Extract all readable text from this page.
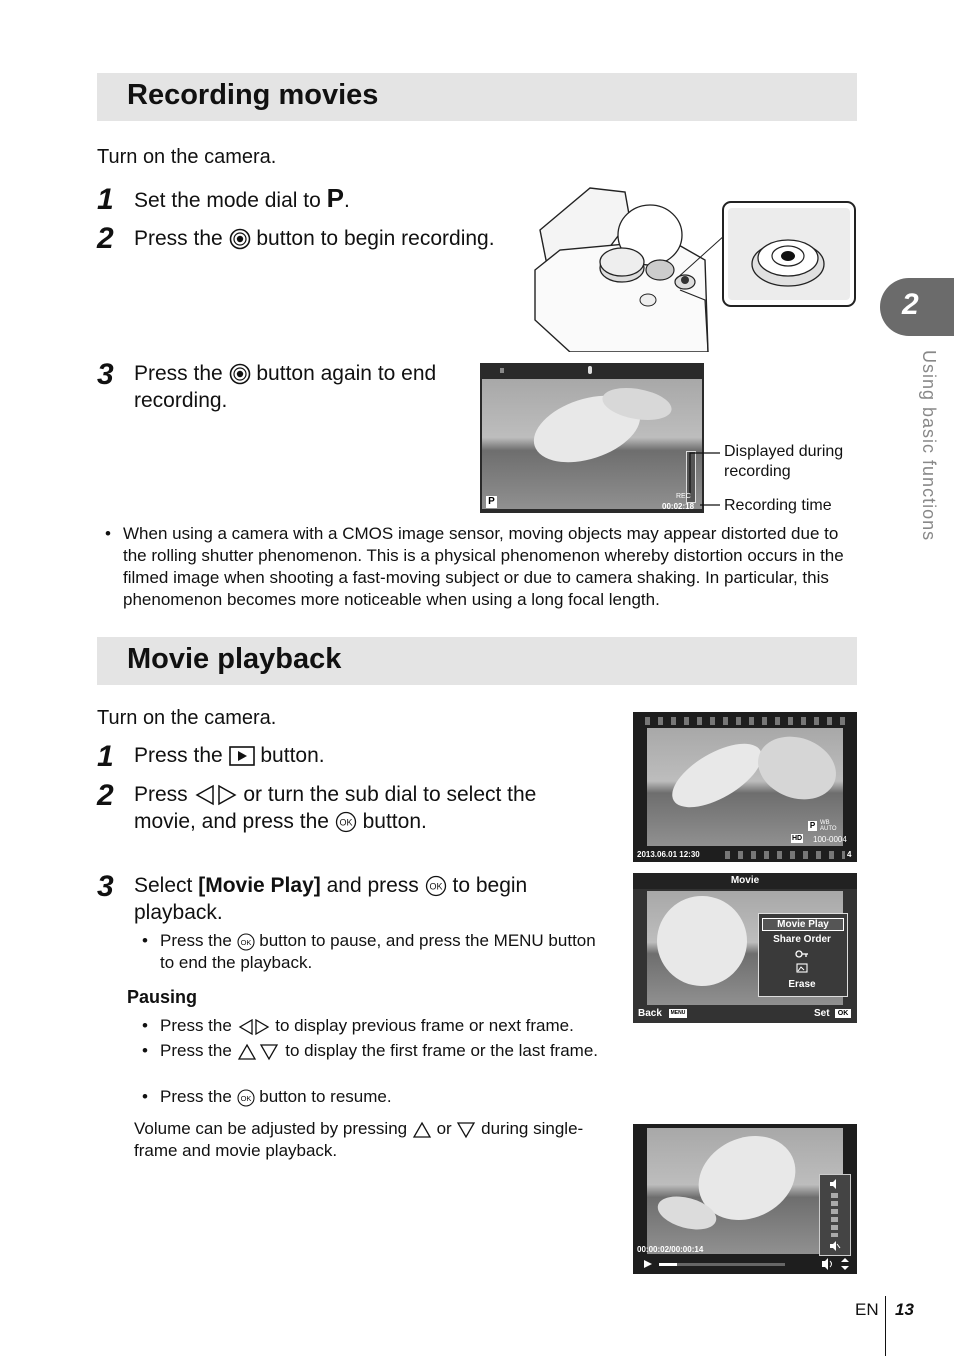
Recording movies
Turn on the camera.
1 Set the mode dial to P.
2 Press the  button to begin recording.
3 Press the  button again to end recording.
P	REC
00:02:18
Displayed during recording
Recording time
• When using a camera with a CMOS image sensor, moving objects may appear distorted due to the rolling shutter phenomenon. This is a physical phenomenon whereby distortion occurs in the filmed image when shooting a fast-moving subject or due to camera shaking. In particular, this phenomenon becomes more noticeable when using a long focal length.
Movie playback
Turn on the camera.
1 Press the  button.
2 Press  or turn the sub dial to select the movie, and press the OK button.
3 Select [Movie Play] and press OK to begin playback.
• Press the OK button to pause, and press the MENU button to end the playback.
Pausing
• Press the  to display previous frame or next frame.
• Press the	to display the first frame or the last frame.
• Press the OK button to resume.
Volume can be adjusted by pressing  or  during single-frame and movie playback.
P WB AUTO
HD 100-0004
2013.06.01 12:30	4
Movie
Movie Play
Share Order
Erase
Back	MENU	Set	OK
00:00:02/00:00:14
2
Using basic functions
EN 13
